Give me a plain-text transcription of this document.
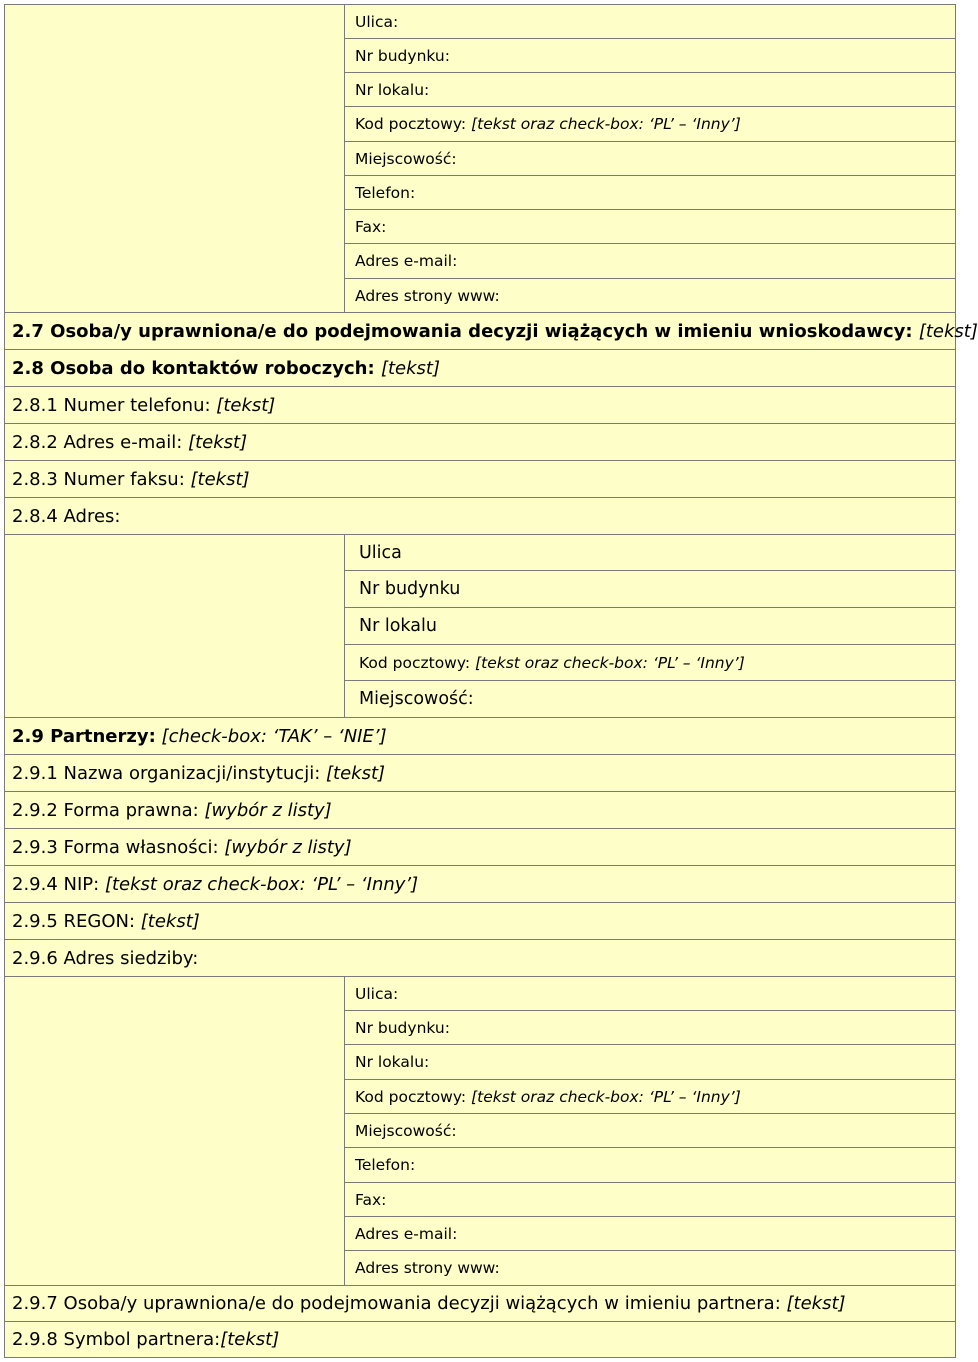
	Ulica:
	Nr budynku:
	Nr lokalu:
	Kod pocztowy: [tekst oraz check-box: ‘PL’ – ‘Inny’]
	Miejscowość:
	Telefon:
	Fax:
	Adres e-mail:
	Adres strony www:
2.7 Osoba/y uprawniona/e do podejmowania decyzji wiążących w imieniu wnioskodawcy: [tekst]	
2.8 Osoba do kontaktów roboczych: [tekst]	
2.8.1 Numer telefonu: [tekst]	
2.8.2 Adres e-mail: [tekst]	
2.8.3 Numer faksu: [tekst]	
2.8.4 Adres:	
	Ulica
	Nr budynku
	Nr lokalu
	Kod pocztowy: [tekst oraz check-box: ‘PL’ – ‘Inny’]
	Miejscowość:
2.9 Partnerzy: [check-box: ‘TAK’ – ‘NIE’]	
2.9.1 Nazwa organizacji/instytucji: [tekst]	
2.9.2 Forma prawna: [wybór z listy]	
2.9.3 Forma własności: [wybór z listy]	
2.9.4 NIP: [tekst oraz check-box: ‘PL’ – ‘Inny’]	
2.9.5 REGON: [tekst]	
2.9.6 Adres siedziby:	
	Ulica:
	Nr budynku:
	Nr lokalu:
	Kod pocztowy: [tekst oraz check-box: ‘PL’ – ‘Inny’]
	Miejscowość:
	Telefon:
	Fax:
	Adres e-mail:
	Adres strony www:
2.9.7 Osoba/y uprawniona/e do podejmowania decyzji wiążących w imieniu partnera: [tekst]	
2.9.8 Symbol partnera:[tekst]	
